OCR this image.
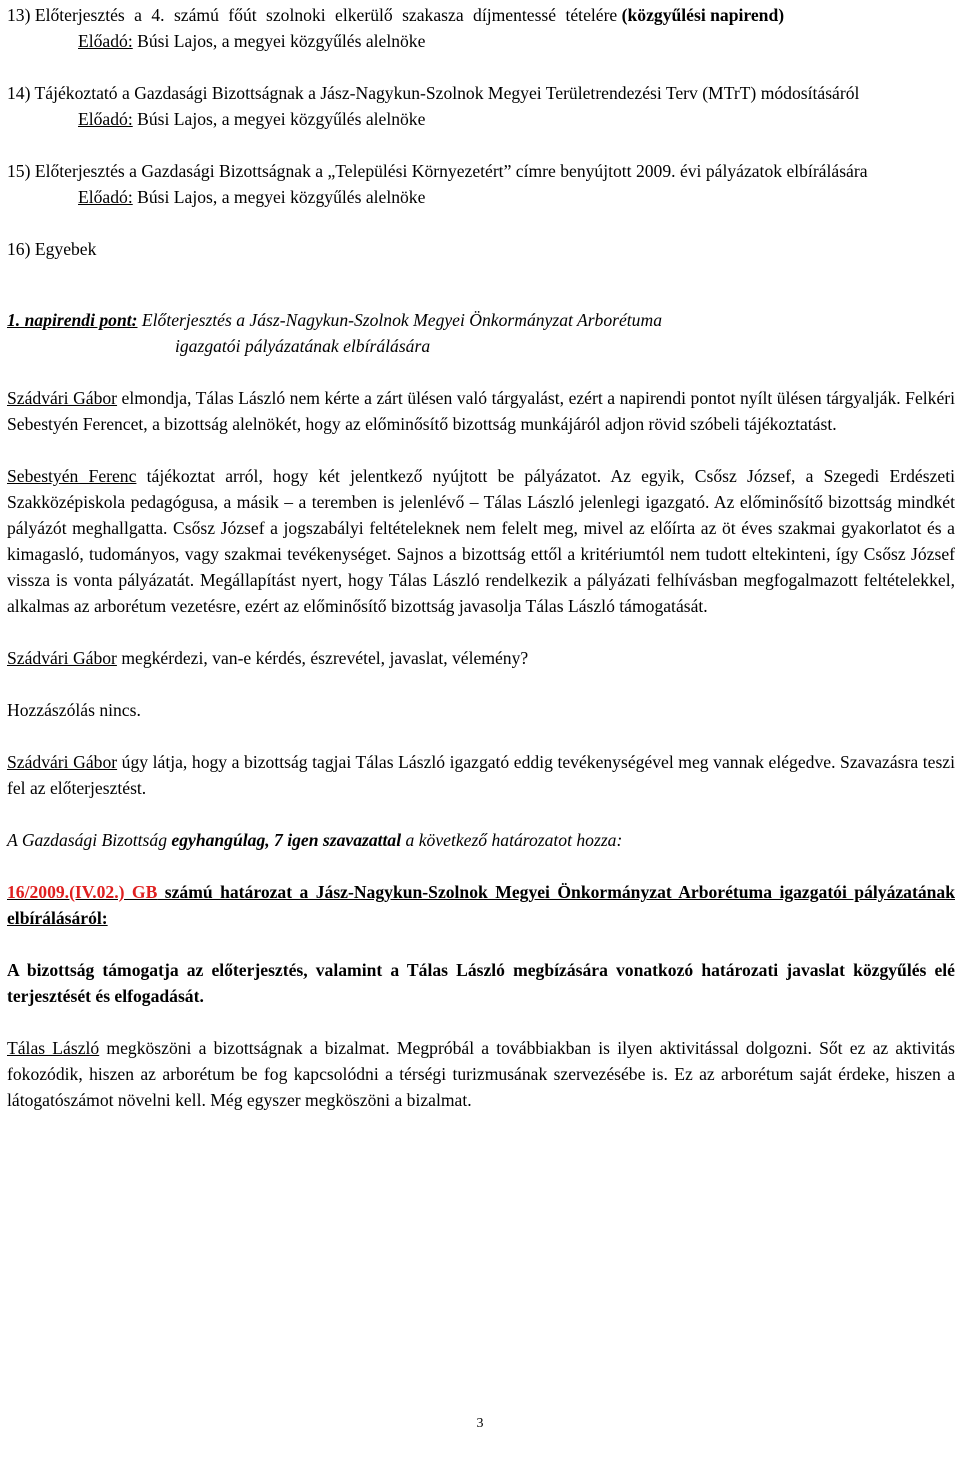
13) Előterjesztés a 4. számú főút szolnoki elkerülő szakasza díjmentessé tételére (közgyűlési napirend)
Előadó: Búsi Lajos, a megyei közgyűlés alelnöke
14) Tájékoztató a Gazdasági Bizottságnak a Jász-Nagykun-Szolnok Megyei Területrendezési Terv (MTrT) módosításáról
Előadó: Búsi Lajos, a megyei közgyűlés alelnöke
15) Előterjesztés a Gazdasági Bizottságnak a „Települési Környezetért” címre benyújtott 2009. évi pályázatok elbírálására
Előadó: Búsi Lajos, a megyei közgyűlés alelnöke
16) Egyebek
1. napirendi pont: Előterjesztés a Jász-Nagykun-Szolnok Megyei Önkormányzat Arborétuma
igazgatói pályázatának elbírálására

Szádvári Gábor elmondja, Tálas László nem kérte a zárt ülésen való tárgyalást, ezért a napirendi pontot nyílt ülésen tárgyalják. Felkéri Sebestyén Ferencet, a bizottság alelnökét, hogy az előminősítő bizottság munkájáról adjon rövid szóbeli tájékoztatást.

Sebestyén Ferenc tájékoztat arról, hogy két jelentkező nyújtott be pályázatot. Az egyik, Csősz József, a Szegedi Erdészeti Szakközépiskola pedagógusa, a másik – a teremben is jelenlévő – Tálas László jelenlegi igazgató. Az előminősítő bizottság mindkét pályázót meghallgatta. Csősz József a jogszabályi feltételeknek nem felelt meg, mivel az előírta az öt éves szakmai gyakorlatot és a kimagasló, tudományos, vagy szakmai tevékenységet. Sajnos a bizottság ettől a kritériumtól nem tudott eltekinteni, így Csősz József vissza is vonta pályázatát. Megállapítást nyert, hogy Tálas László rendelkezik a pályázati felhívásban megfogalmazott feltételekkel, alkalmas az arborétum vezetésre, ezért az előminősítő bizottság javasolja Tálas László támogatását.

Szádvári Gábor megkérdezi, van-e kérdés, észrevétel, javaslat, vélemény?

Hozzászólás nincs.

Szádvári Gábor úgy látja, hogy a bizottság tagjai Tálas László igazgató eddig tevékenységével meg vannak elégedve. Szavazásra teszi fel az előterjesztést.

A Gazdasági Bizottság egyhangúlag, 7 igen szavazattal a következő határozatot hozza:

16/2009.(IV.02.) GB számú határozat a Jász-Nagykun-Szolnok Megyei Önkormányzat Arborétuma igazgatói pályázatának elbírálásáról:

A bizottság támogatja az előterjesztés, valamint a Tálas László megbízására vonatkozó határozati javaslat közgyűlés elé terjesztését és elfogadását.

Tálas László megköszöni a bizottságnak a bizalmat. Megpróbál a továbbiakban is ilyen aktivitással dolgozni. Sőt ez az aktivitás fokozódik, hiszen az arborétum be fog kapcsolódni a térségi turizmusának szervezésébe is. Ez az arborétum saját érdeke, hiszen a látogatószámot növelni kell. Még egyszer megköszöni a bizalmat.

3
